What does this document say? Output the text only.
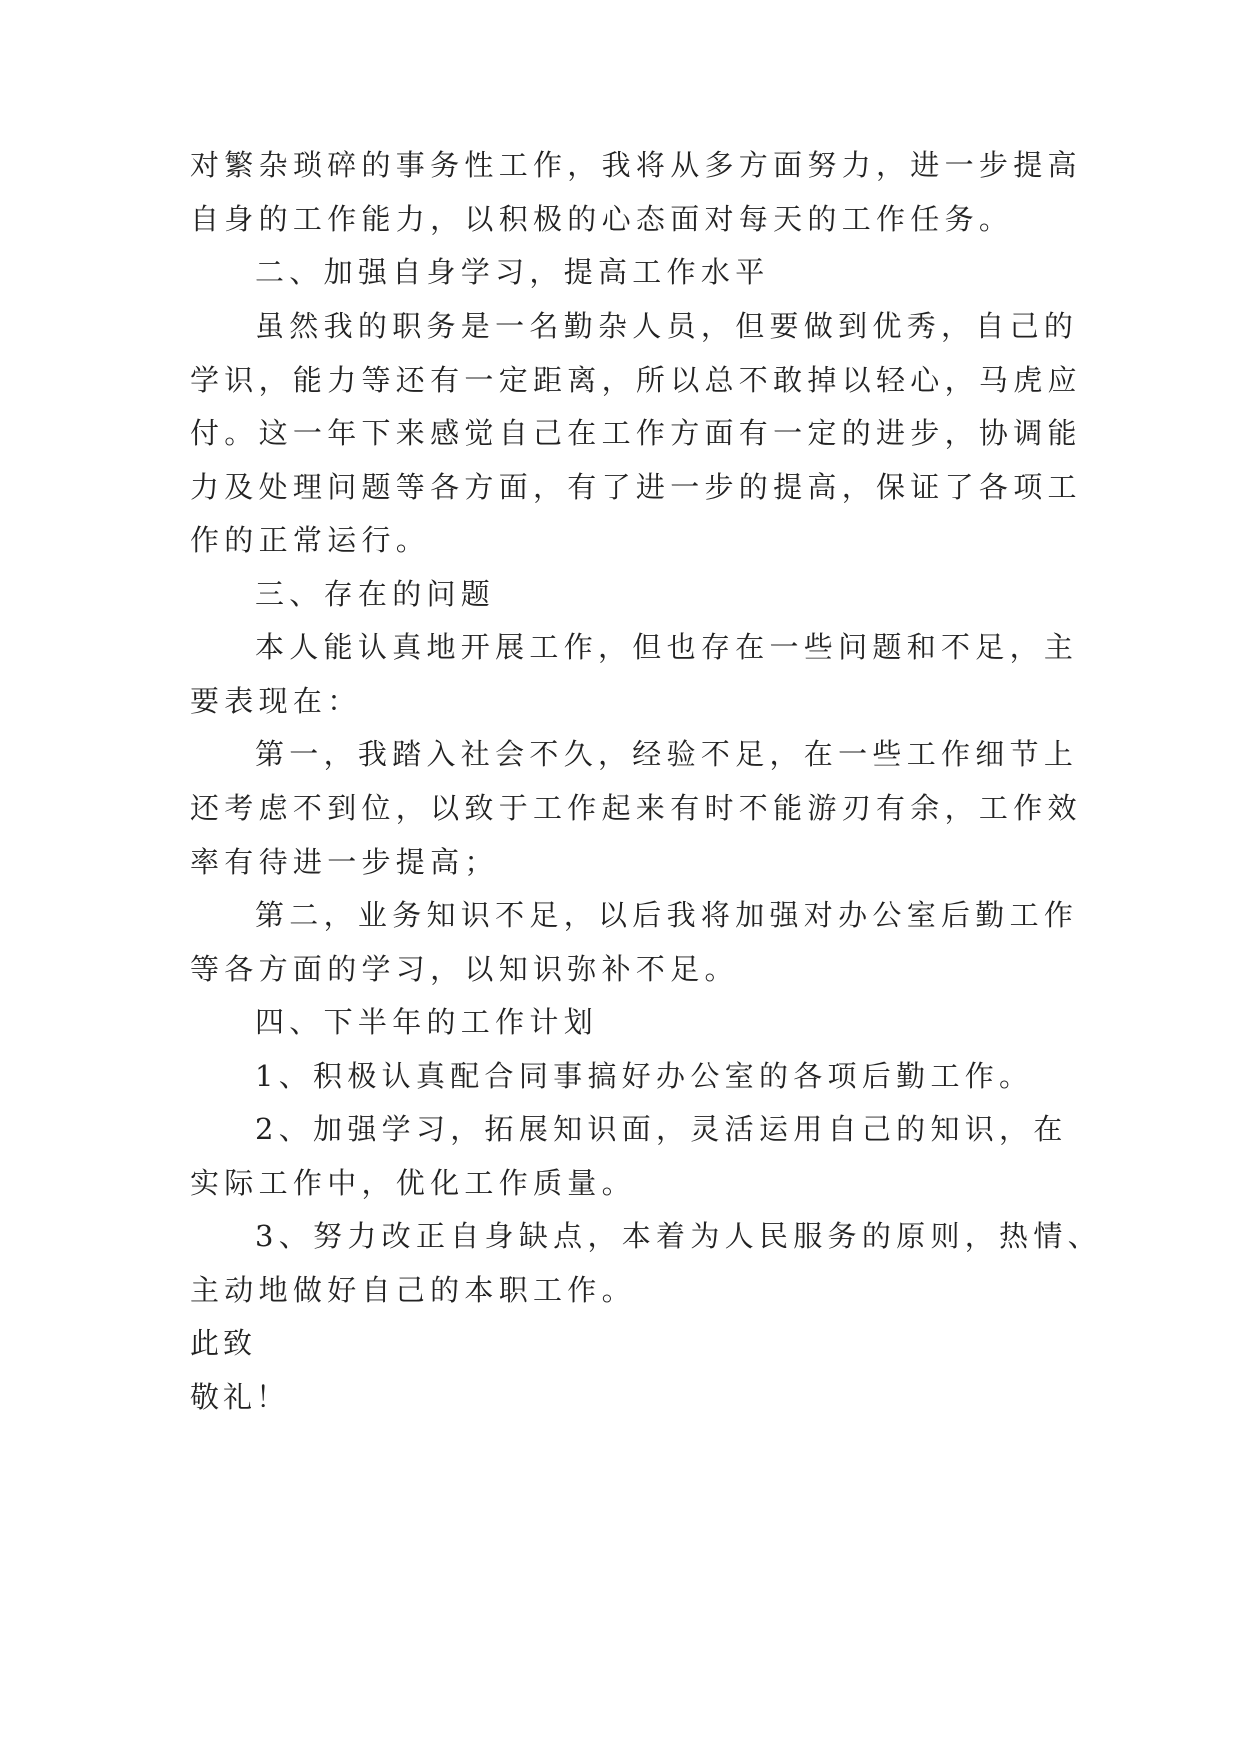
对繁杂琐碎的事务性工作，我将从多方面努力，进一步提高

自身的工作能力，以积极的心态面对每天的工作任务。

二、加强自身学习，提高工作水平

虽然我的职务是一名勤杂人员，但要做到优秀，自己的

学识，能力等还有一定距离，所以总不敢掉以轻心，马虎应

付。这一年下来感觉自己在工作方面有一定的进步，协调能

力及处理问题等各方面，有了进一步的提高，保证了各项工

作的正常运行。

三、存在的问题

本人能认真地开展工作，但也存在一些问题和不足，主

要表现在：

第一，我踏入社会不久，经验不足，在一些工作细节上

还考虑不到位，以致于工作起来有时不能游刃有余，工作效

率有待进一步提高；

第二，业务知识不足，以后我将加强对办公室后勤工作

等各方面的学习，以知识弥补不足。

四、下半年的工作计划

1、积极认真配合同事搞好办公室的各项后勤工作。

2、加强学习，拓展知识面，灵活运用自己的知识，在

实际工作中，优化工作质量。

3、努力改正自身缺点，本着为人民服务的原则，热情、

主动地做好自己的本职工作。

此致

敬礼！
